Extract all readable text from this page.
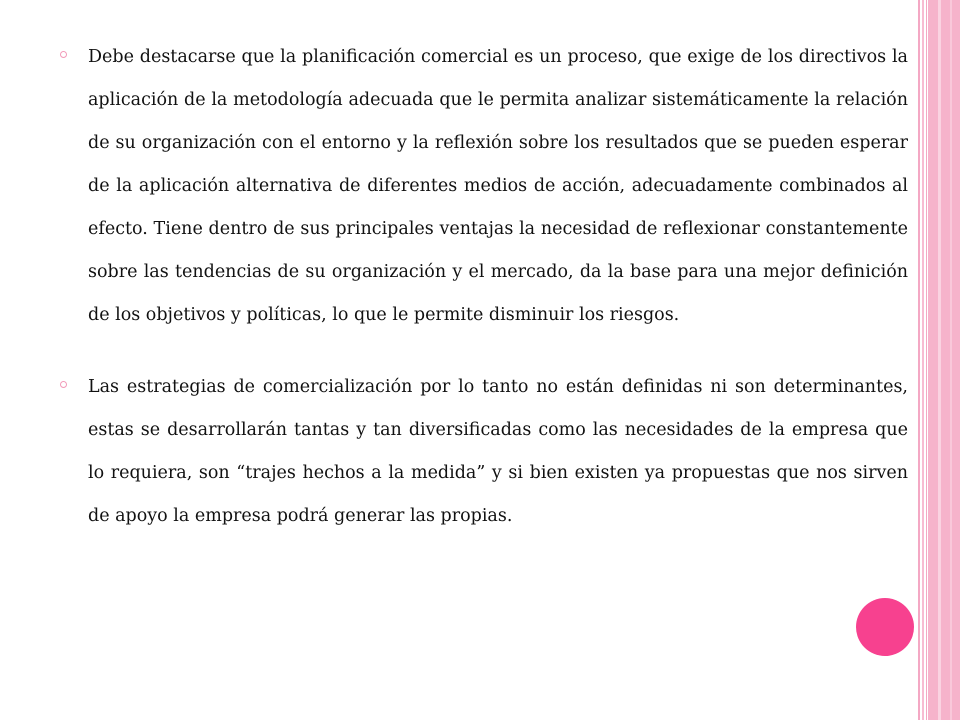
Debe destacarse que la planificación comercial es un proceso, que exige de los directivos la aplicación de la metodología adecuada que le permita analizar sistemáticamente la relación de su organización con el entorno y la reflexión sobre los resultados que se pueden esperar de la aplicación alternativa de diferentes medios de acción, adecuadamente combinados al efecto. Tiene dentro de sus principales ventajas la necesidad de reflexionar constantemente sobre las tendencias de su organización y el mercado, da la base para una mejor definición de los objetivos y políticas, lo que le permite disminuir los riesgos.
Las estrategias de comercialización por lo tanto no están definidas ni son determinantes, estas se desarrollarán tantas y tan diversificadas como las necesidades de la empresa que lo requiera, son “trajes hechos a la medida” y si bien existen ya propuestas que nos sirven de apoyo la empresa podrá generar las propias.
